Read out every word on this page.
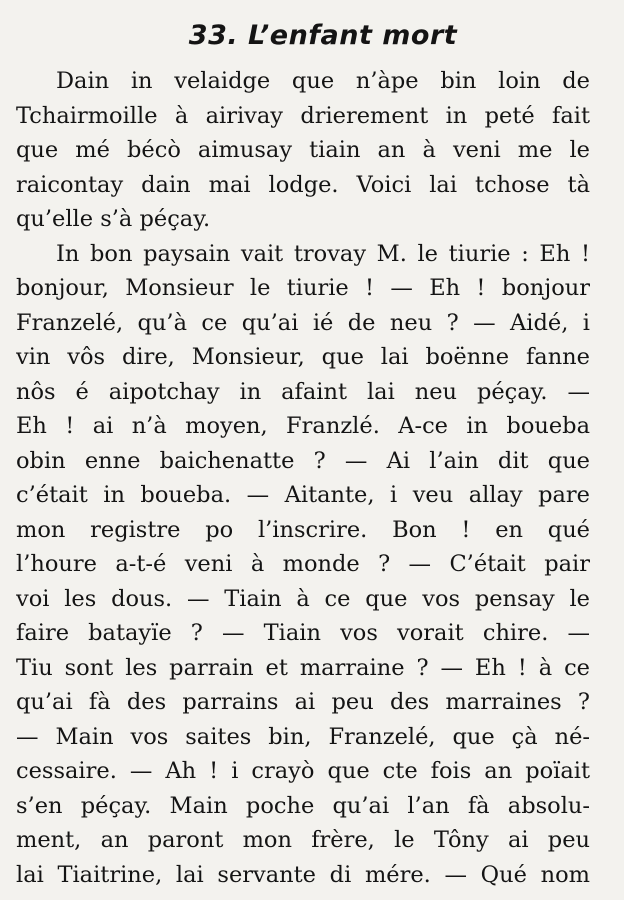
33. L’enfant mort
Dain in velaidge que n’àpe bin loin de
Tchairmoille à airivay drierement in peté fait
que mé bécò aimusay tiain an à veni me le
raicontay dain mai lodge. Voici lai tchose tà
qu’elle s’à péçay.
In bon paysain vait trovay M. le tiurie : Eh !
bonjour, Monsieur le tiurie ! — Eh ! bonjour
Franzelé, qu’à ce qu’ai ié de neu ? — Aidé, i
vin vôs dire, Monsieur, que lai boënne fanne
nôs é aipotchay in afaint lai neu péçay. —
Eh ! ai n’à moyen, Franzlé. A-ce in boueba
obin enne baichenatte ? — Ai l’ain dit que
c’était in boueba. — Aitante, i veu allay pare
mon registre po l’inscrire. Bon ! en qué
l’houre a-t-é veni à monde ? — C’était pair
voi les dous. — Tiain à ce que vos pensay le
faire batayïe ? — Tiain vos vorait chire. —
Tiu sont les parrain et marraine ? — Eh ! à ce
qu’ai fà des parrains ai peu des marraines ?
— Main vos saites bin, Franzelé, que çà né-
cessaire. — Ah ! i crayò que cte fois an poïait
s’en péçay. Main poche qu’ai l’an fà absolu-
ment, an paront mon frère, le Tôny ai peu
lai Tiaitrine, lai servante di mére. — Qué nom
